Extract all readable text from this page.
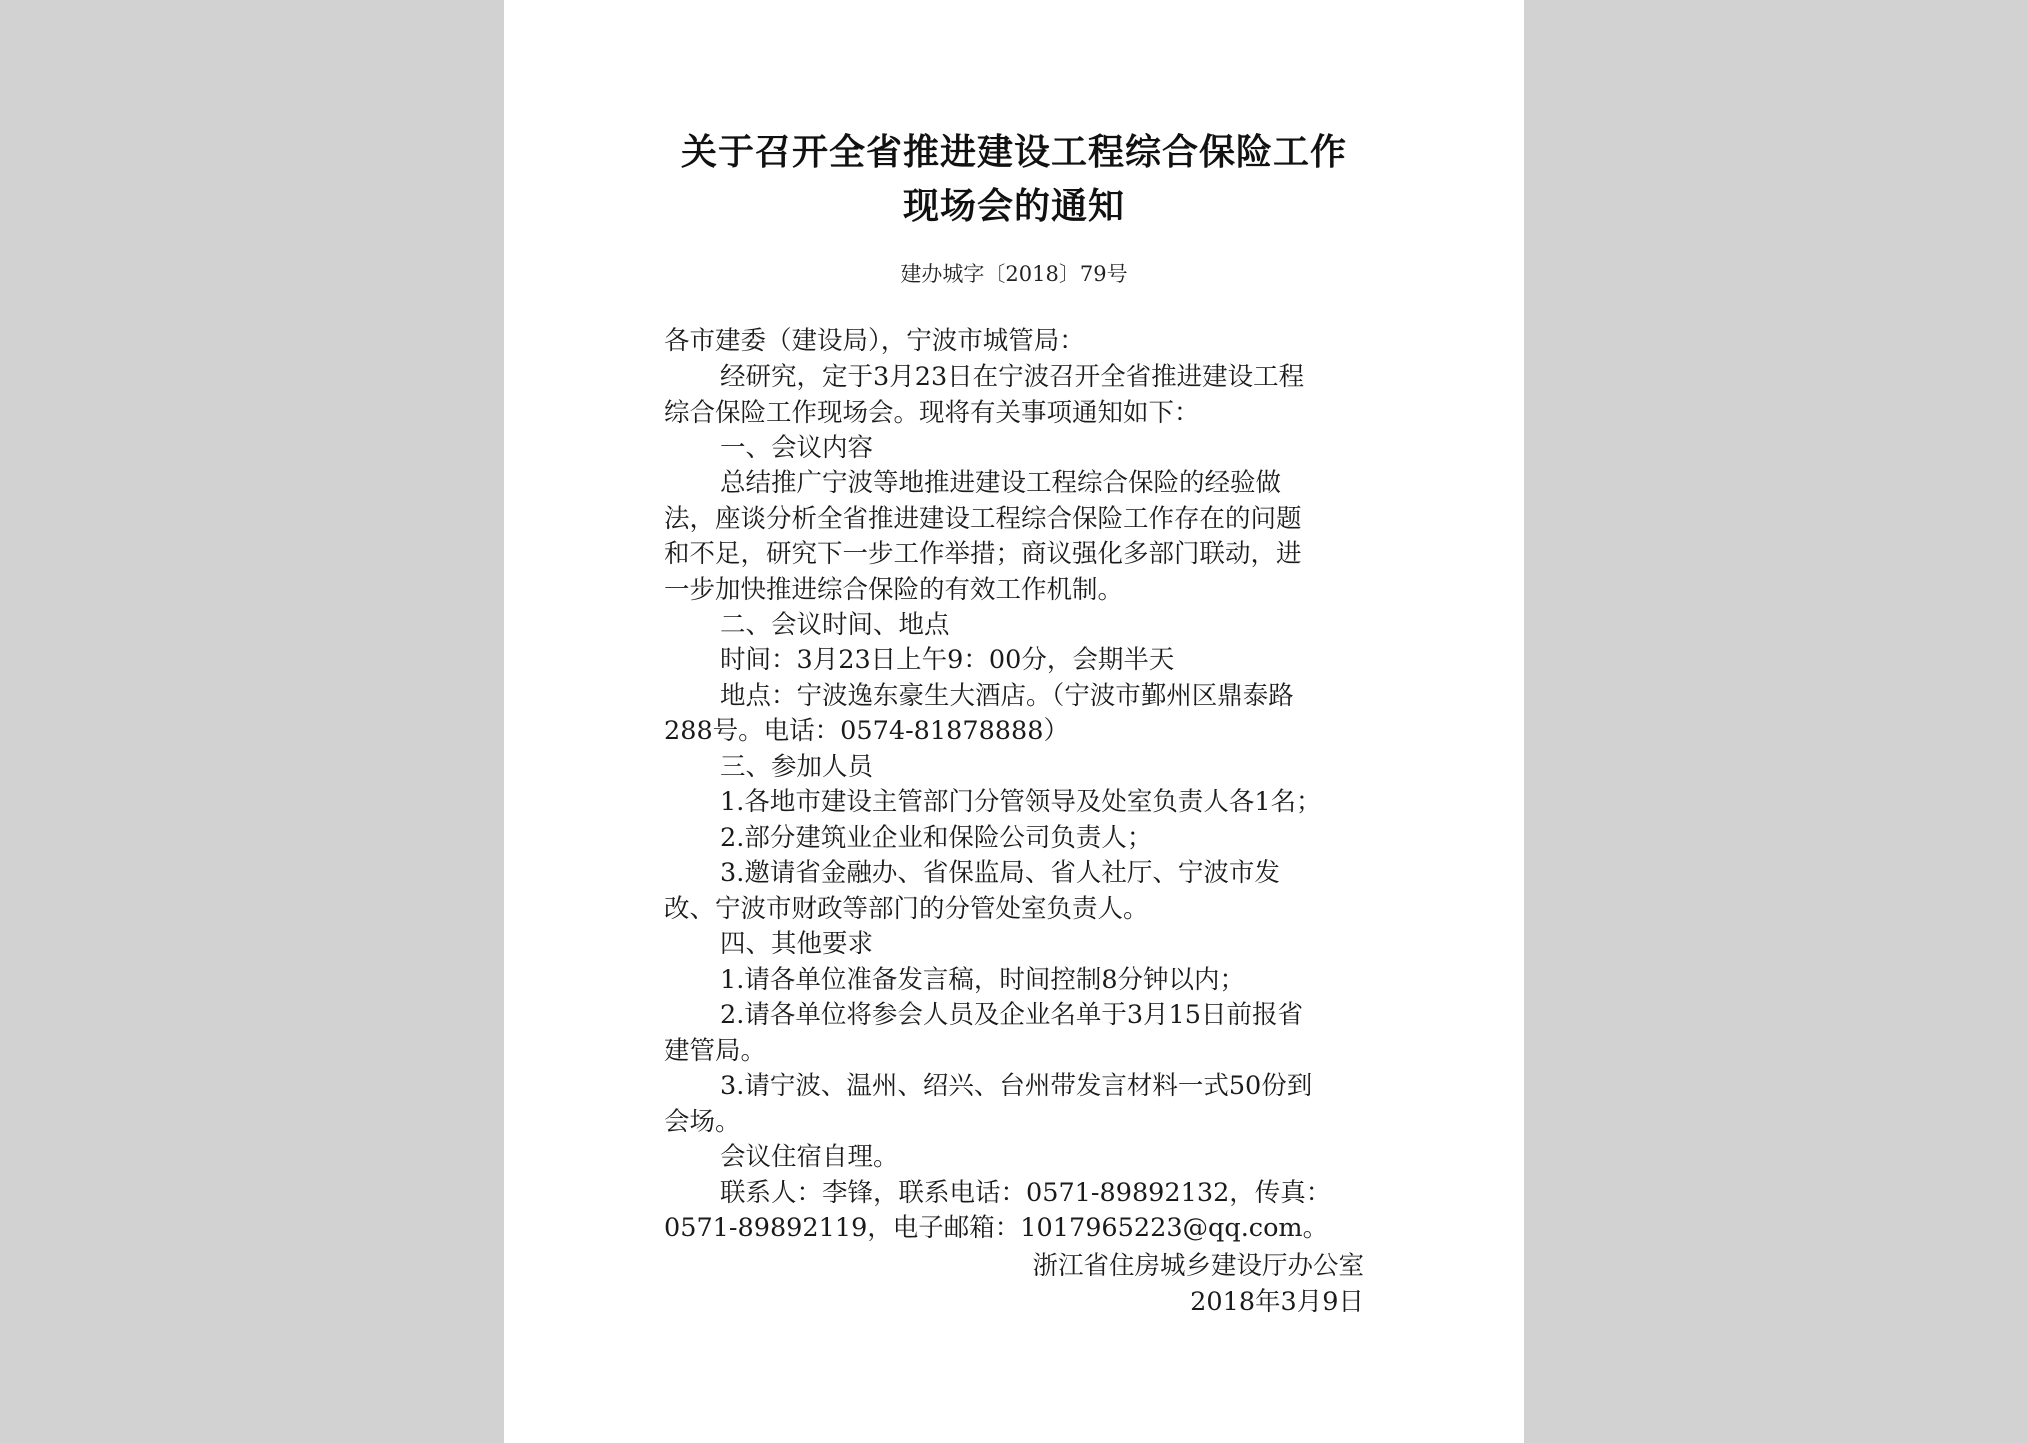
关于召开全省推进建设工程综合保险工作
现场会的通知
建办城字〔2018〕79号
各市建委（建设局），宁波市城管局：
经研究，定于3月23日在宁波召开全省推进建设工程
综合保险工作现场会。现将有关事项通知如下：
一、会议内容
总结推广宁波等地推进建设工程综合保险的经验做
法，座谈分析全省推进建设工程综合保险工作存在的问题
和不足，研究下一步工作举措；商议强化多部门联动，进
一步加快推进综合保险的有效工作机制。
二、会议时间、地点
时间：3月23日上午9：00分，会期半天
地点：宁波逸东豪生大酒店。（宁波市鄞州区鼎泰路
288号。电话：0574-81878888）
三、参加人员
1.各地市建设主管部门分管领导及处室负责人各1名；
2.部分建筑业企业和保险公司负责人；
3.邀请省金融办、省保监局、省人社厅、宁波市发
改、宁波市财政等部门的分管处室负责人。
四、其他要求
1.请各单位准备发言稿，时间控制8分钟以内；
2.请各单位将参会人员及企业名单于3月15日前报省
建管局。
3.请宁波、温州、绍兴、台州带发言材料一式50份到
会场。
会议住宿自理。
联系人：李锋，联系电话：0571-89892132，传真：
0571-89892119，电子邮箱：1017965223@qq.com。
浙江省住房城乡建设厅办公室
2018年3月9日
